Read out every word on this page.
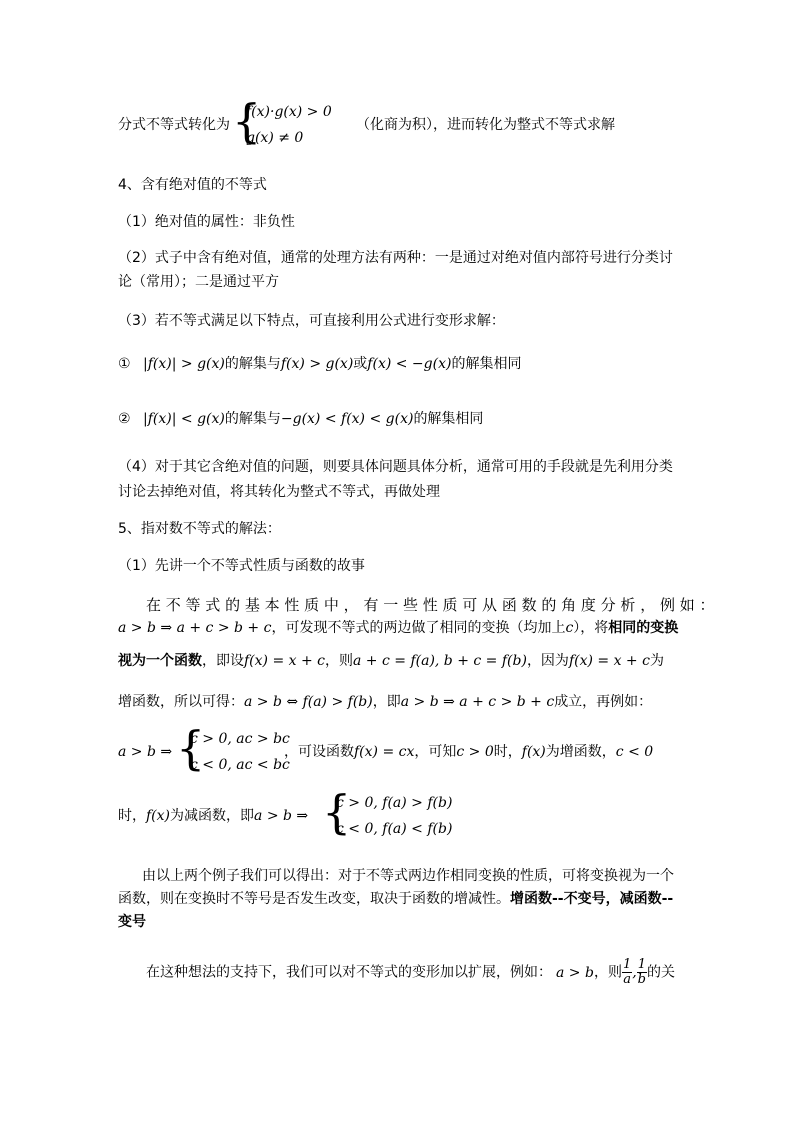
分式不等式转化为 {
f(x)·g(x) > 0
g(x) ≠ 0
（化商为积），进而转化为整式不等式求解
4、含有绝对值的不等式
（1）绝对值的属性：非负性
（2）式子中含有绝对值，通常的处理方法有两种：一是通过对绝对值内部符号进行分类讨
论（常用）；二是通过平方
（3）若不等式满足以下特点，可直接利用公式进行变形求解：
① |f(x)| > g(x)的解集与f(x) > g(x)或f(x) < −g(x)的解集相同
② |f(x)| < g(x)的解集与−g(x) < f(x) < g(x)的解集相同
（4）对于其它含绝对值的问题，则要具体问题具体分析，通常可用的手段就是先利用分类
讨论去掉绝对值，将其转化为整式不等式，再做处理
5、指对数不等式的解法：
（1）先讲一个不等式性质与函数的故事
在 不 等 式 的 基 本 性 质 中 ， 有 一 些 性 质 可 从 函 数 的 角 度 分 析 ， 例 如 ：
a > b ⇒ a + c > b + c，可发现不等式的两边做了相同的变换（均加上c），将相同的变换
视为一个函数，即设f(x) = x + c，则a + c = f(a), b + c = f(b)，因为f(x) = x + c为
增函数，所以可得：a > b ⇔ f(a) > f(b)，即a > b ⇒ a + c > b + c成立，再例如：
a > b ⇒ {
c > 0, ac > bc
c < 0, ac < bc
，可设函数f(x) = cx，可知c > 0时，f(x)为增函数，c < 0
时，f(x)为减函数，即a > b ⇒ {
c > 0, f(a) > f(b)
c < 0, f(a) < f(b)
由以上两个例子我们可以得出：对于不等式两边作相同变换的性质，可将变换视为一个
函数，则在变换时不等号是否发生改变，取决于函数的增减性。增函数--不变号，减函数--
变号
在这种想法的支持下，我们可以对不等式的变形加以扩展，例如： a > b，则 $\frac{1}{a}$ , $\frac{1}{b}$ 的关
